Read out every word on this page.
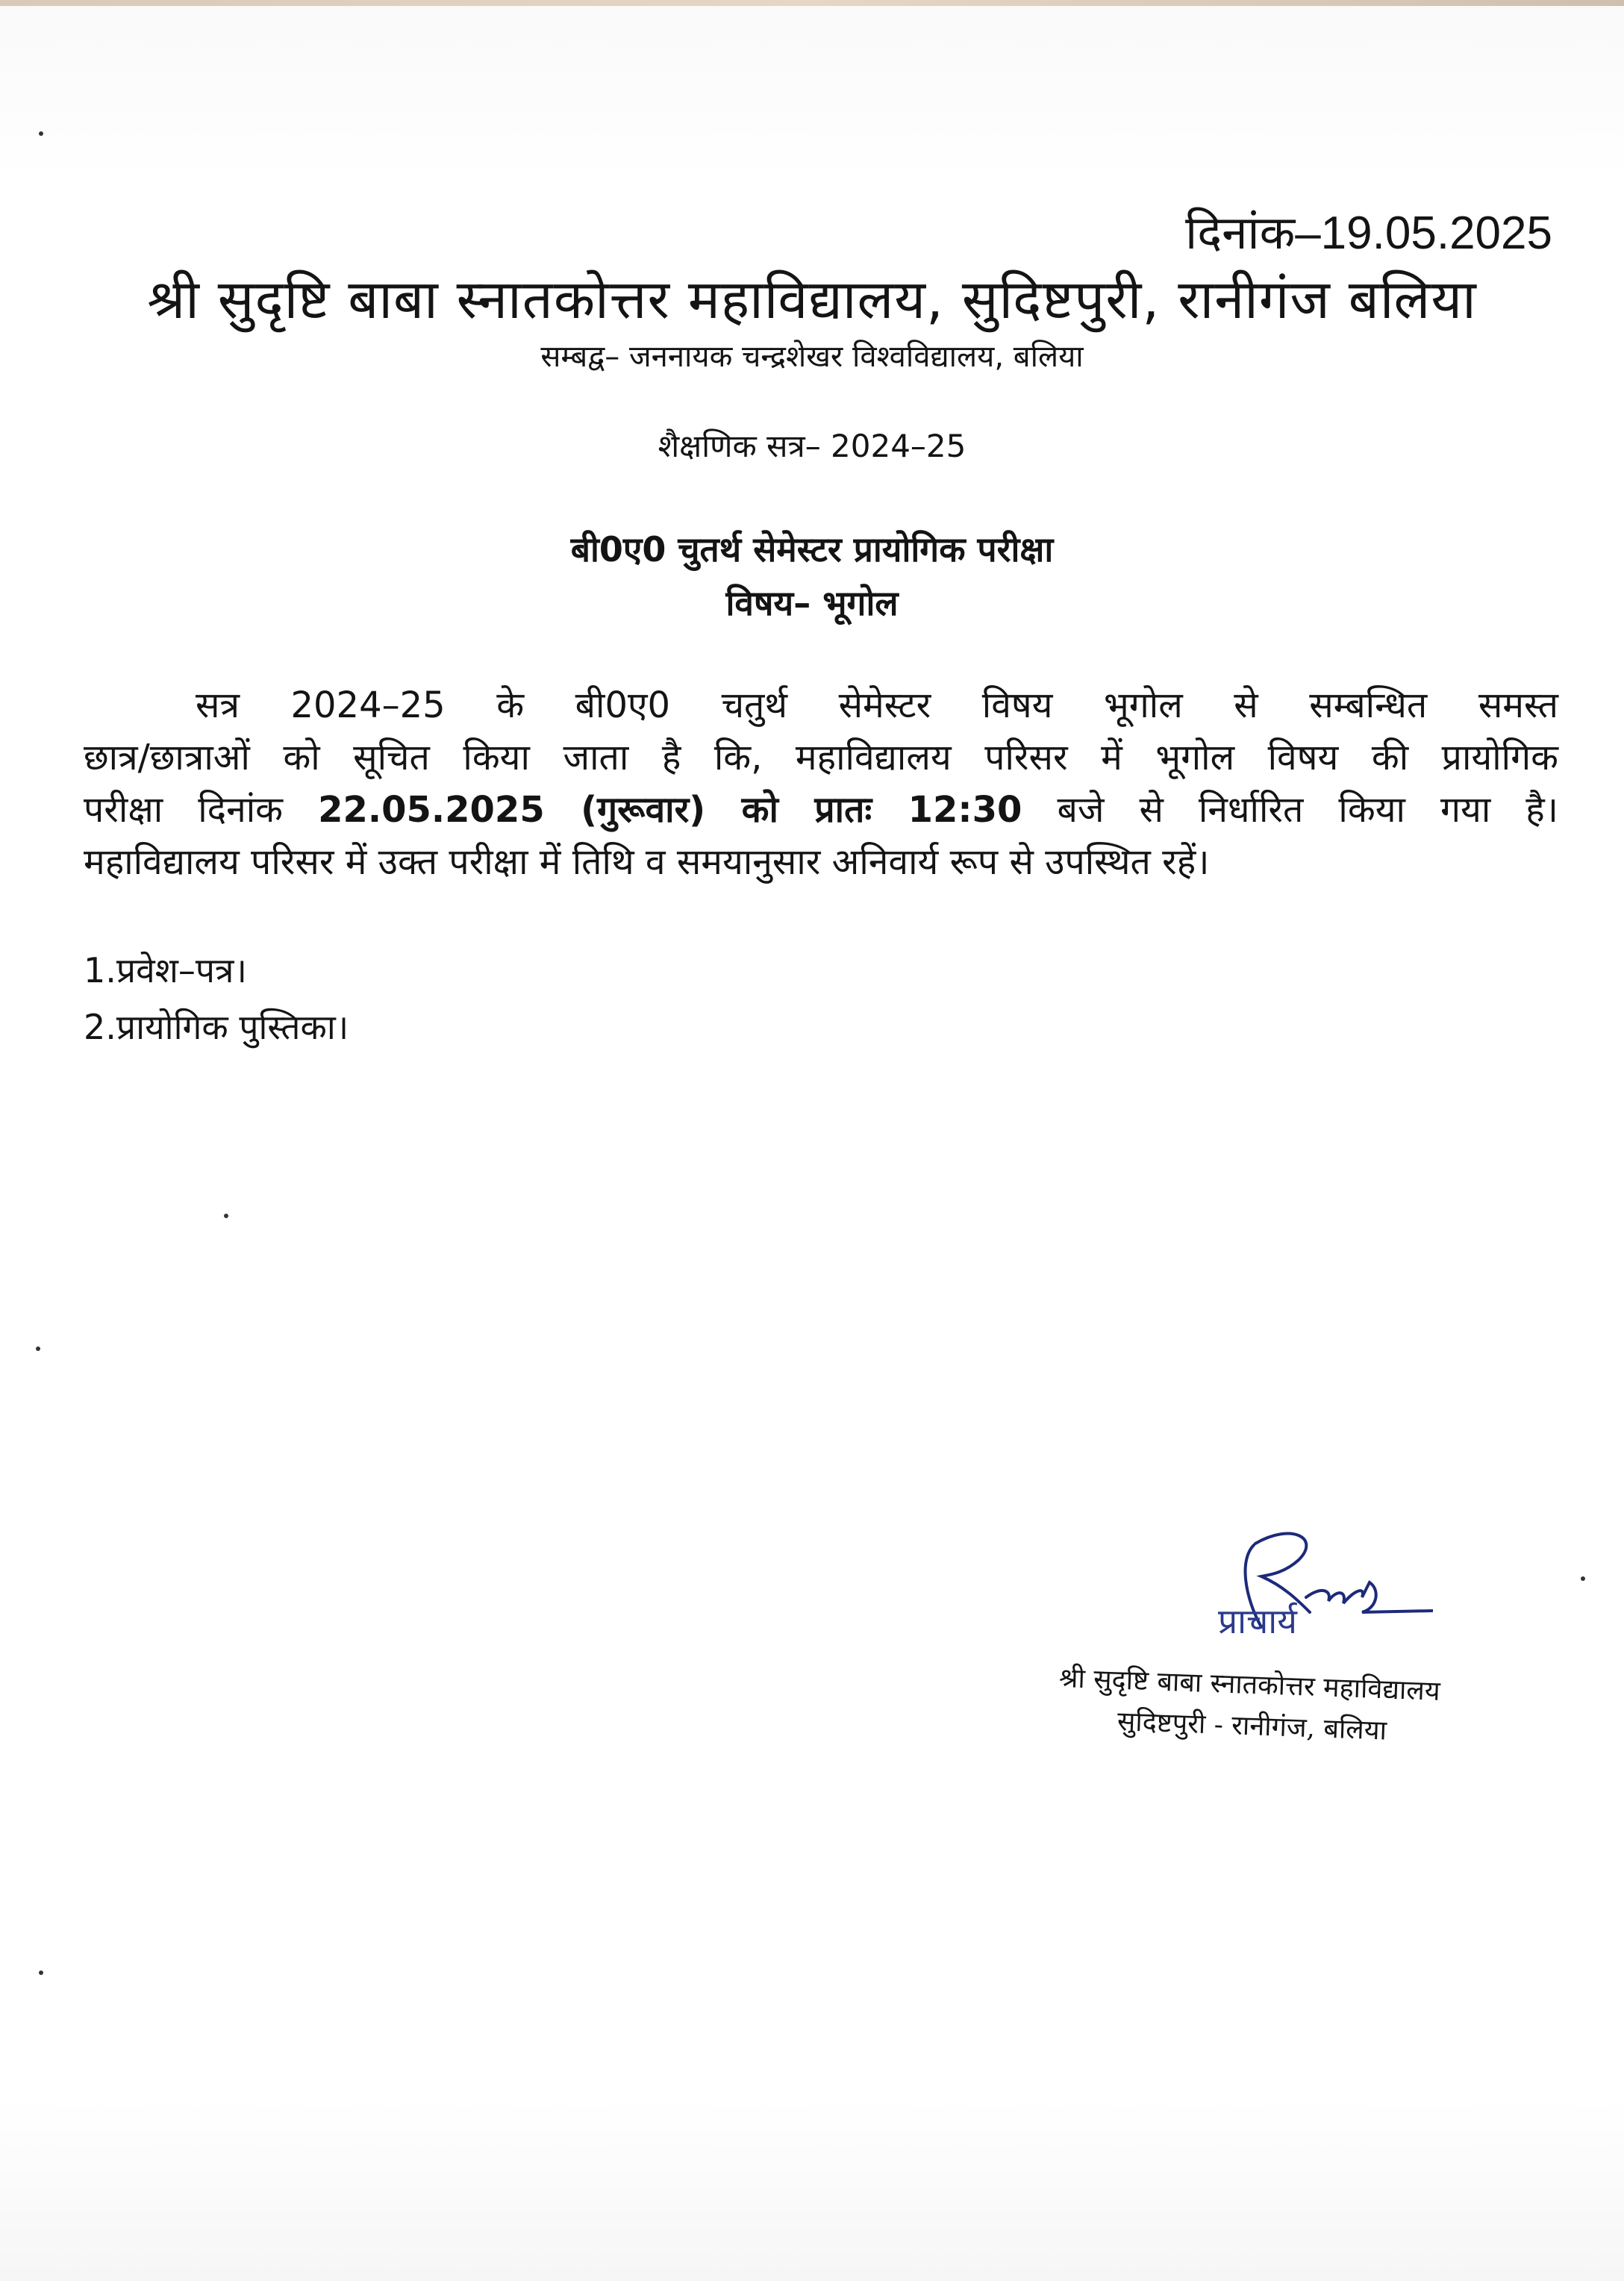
दिनांक–19.05.2025
श्री सुदृष्टि बाबा स्नातकोत्तर महाविद्यालय, सुदिष्टपुरी, रानीगंज बलिया
सम्बद्व– जननायक चन्द्रशेखर विश्वविद्यालय, बलिया
शैक्षणिक सत्र– 2024–25
बी0ए0 चुतर्थ सेमेस्टर प्रायोगिक परीक्षा
विषय– भूगोल
सत्र 2024–25 के बी0ए0 चतुर्थ सेमेस्टर विषय भूगोल से सम्बन्धित समस्त
छात्र/छात्राओं को सूचित किया जाता है कि, महाविद्यालय परिसर में भूगोल विषय की प्रायोगिक
परीक्षा दिनांक 22.05.2025 (गुरूवार) को प्रातः 12:30 बजे से निर्धारित किया गया है।
महाविद्यालय परिसर में उक्त परीक्षा में तिथि व समयानुसार अनिवार्य रूप से उपस्थित रहें।
1.प्रवेश–पत्र।
2.प्रायोगिक पुस्तिका।
प्राचार्य
श्री सुदृष्टि बाबा स्नातकोत्तर महाविद्यालय
सुदिष्टपुरी - रानीगंज, बलिया
